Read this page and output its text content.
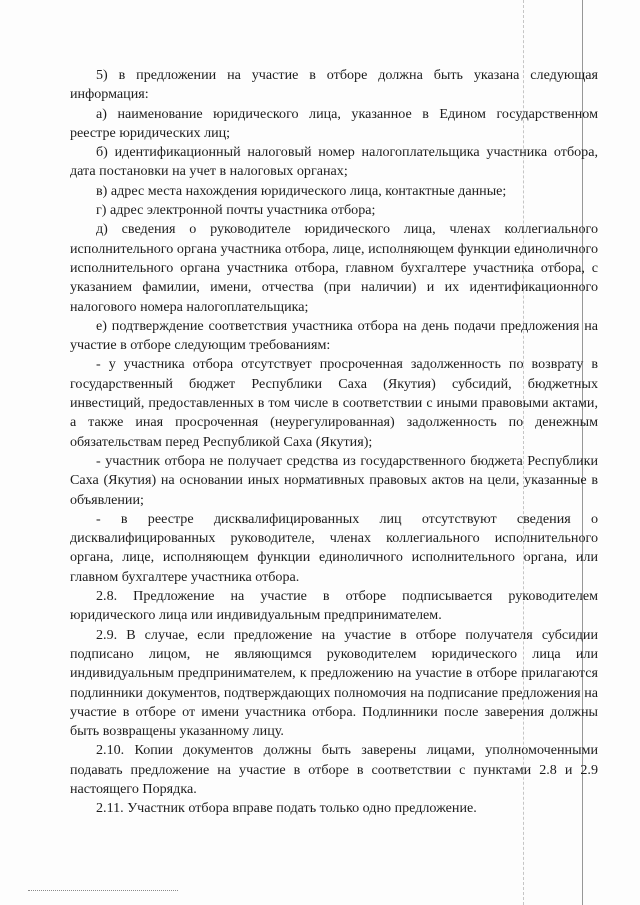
5) в предложении на участие в отборе должна быть указана следующая информация:

а) наименование юридического лица, указанное в Едином государственном реестре юридических лиц;

б) идентификационный налоговый номер налогоплательщика участника отбора, дата постановки на учет в налоговых органах;

в) адрес места нахождения юридического лица, контактные данные;

г) адрес электронной почты участника отбора;

д) сведения о руководителе юридического лица, членах коллегиального исполнительного органа участника отбора, лице, исполняющем функции единоличного исполнительного органа участника отбора, главном бухгалтере участника отбора, с указанием фамилии, имени, отчества (при наличии) и их идентификационного налогового номера налогоплательщика;

е) подтверждение соответствия участника отбора на день подачи предложения на участие в отборе следующим требованиям:

- у участника отбора отсутствует просроченная задолженность по возврату в государственный бюджет Республики Саха (Якутия) субсидий, бюджетных инвестиций, предоставленных в том числе в соответствии с иными правовыми актами, а также иная просроченная (неурегулированная) задолженность по денежным обязательствам перед Республикой Саха (Якутия);

- участник отбора не получает средства из государственного бюджета Республики Саха (Якутия) на основании иных нормативных правовых актов на цели, указанные в объявлении;

- в реестре дисквалифицированных лиц отсутствуют сведения о дисквалифицированных руководителе, членах коллегиального исполнительного органа, лице, исполняющем функции единоличного исполнительного органа, или главном бухгалтере участника отбора.

2.8. Предложение на участие в отборе подписывается руководителем юридического лица или индивидуальным предпринимателем.

2.9. В случае, если предложение на участие в отборе получателя субсидии подписано лицом, не являющимся руководителем юридического лица или индивидуальным предпринимателем, к предложению на участие в отборе прилагаются подлинники документов, подтверждающих полномочия на подписание предложения на участие в отборе от имени участника отбора. Подлинники после заверения должны быть возвращены указанному лицу.

2.10. Копии документов должны быть заверены лицами, уполномоченными подавать предложение на участие в отборе в соответствии с пунктами 2.8 и 2.9 настоящего Порядка.

2.11. Участник отбора вправе подать только одно предложение.
